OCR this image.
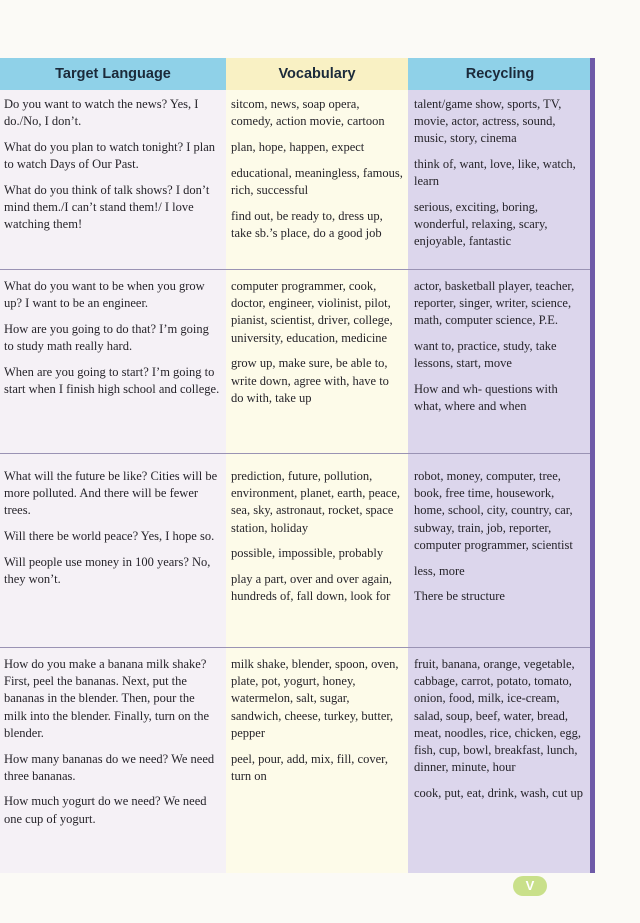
Target Language	Vocabulary	Recycling

Do you want to watch the news? Yes, I do./No, I don’t.

What do you plan to watch tonight? I plan to watch Days of Our Past.

What do you think of talk shows? I don’t mind them./I can’t stand them!/ I love watching them!

sitcom, news, soap opera, comedy, action movie, cartoon

plan, hope, happen, expect

educational, meaningless, famous, rich, successful

find out, be ready to, dress up, take sb.’s place, do a good job

talent/game show, sports, TV, movie, actor, actress, sound, music, story, cinema

think of, want, love, like, watch, learn

serious, exciting, boring, wonderful, relaxing, scary, enjoyable, fantastic

What do you want to be when you grow up? I want to be an engineer.

How are you going to do that? I’m going to study math really hard.

When are you going to start? I’m going to start when I finish high school and college.

computer programmer, cook, doctor, engineer, violinist, pilot, pianist, scientist, driver, college, university, education, medicine

grow up, make sure, be able to, write down, agree with, have to do with, take up

actor, basketball player, teacher, reporter, singer, writer, science, math, computer science, P.E.

want to, practice, study, take lessons, start, move

How and wh- questions with what, where and when

What will the future be like? Cities will be more polluted. And there will be fewer trees.

Will there be world peace? Yes, I hope so.

Will people use money in 100 years? No, they won’t.

prediction, future, pollution, environment, planet, earth, peace, sea, sky, astronaut, rocket, space station, holiday

possible, impossible, probably

play a part, over and over again, hundreds of, fall down, look for

robot, money, computer, tree, book, free time, housework, home, school, city, country, car, subway, train, job, reporter, computer programmer, scientist

less, more

There be structure

How do you make a banana milk shake? First, peel the bananas. Next, put the bananas in the blender. Then, pour the milk into the blender. Finally, turn on the blender.

How many bananas do we need? We need three bananas.

How much yogurt do we need? We need one cup of yogurt.

milk shake, blender, spoon, oven, plate, pot, yogurt, honey, watermelon, salt, sugar, sandwich, cheese, turkey, butter, pepper

peel, pour, add, mix, fill, cover, turn on

fruit, banana, orange, vegetable, cabbage, carrot, potato, tomato, onion, food, milk, ice-cream, salad, soup, beef, water, bread, meat, noodles, rice, chicken, egg, fish, cup, bowl, breakfast, lunch, dinner, minute, hour

cook, put, eat, drink, wash, cut up

V
